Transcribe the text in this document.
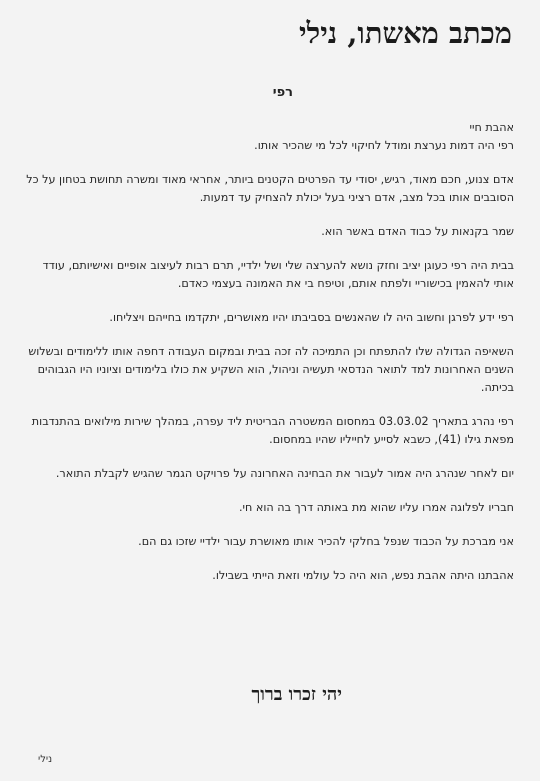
מכתב מאשתו, נילי
רפי

אהבת חיי

רפי היה דמות נערצת ומודל לחיקוי לכל מי שהכיר אותו.

אדם צנוע, חכם מאוד, רגיש, יסודי עד הפרטים הקטנים ביותר, אחראי מאוד ומשרה תחושת בטחון על כל הסובבים אותו בכל מצב, אדם רציני בעל יכולת להצחיק עד דמעות.

שמר בקנאות על כבוד האדם באשר הוא.

בבית היה רפי כעוגן יציב וחזק נושא להערצה שלי ושל ילדיי, תרם רבות לעיצוב אופיים ואישיותם, עודד אותי להאמין בכישוריי ולפתח אותם, וטיפח בי את האמונה בעצמי כאדם.

רפי ידע לפרגן וחשוב היה לו שהאנשים בסביבתו יהיו מאושרים, יתקדמו בחייהם ויצליחו.

השאיפה הגדולה שלו להתפתח וכן התמיכה לה זכה בבית ובמקום העבודה דחפה אותו ללימודים ובשלוש השנים האחרונות למד לתואר הנדסאי תעשיה וניהול, הוא השקיע את כולו בלימודים וציוניו היו הגבוהים בכיתה.

רפי נהרג בתאריך 03.03.02 במחסום המשטרה הבריטית ליד עפרה, במהלך שירות מילואים בהתנדבות מפאת גילו (41), כשבא לסייע לחייליו שהיו במחסום.

יום לאחר שנהרג היה אמור לעבור את הבחינה האחרונה על פרויקט הגמר שהגיש לקבלת התואר.

חבריו לפלוגה אמרו עליו שהוא מת באותה דרך בה הוא חי.

אני מברכת על הכבוד שנפל בחלקי להכיר אותו מאושרת עבור ילדיי שזכו גם הם.

אהבתנו היתה אהבת נפש, הוא היה כל עולמי וזאת הייתי בשבילו.

יהי זכרו ברוך
נילי
